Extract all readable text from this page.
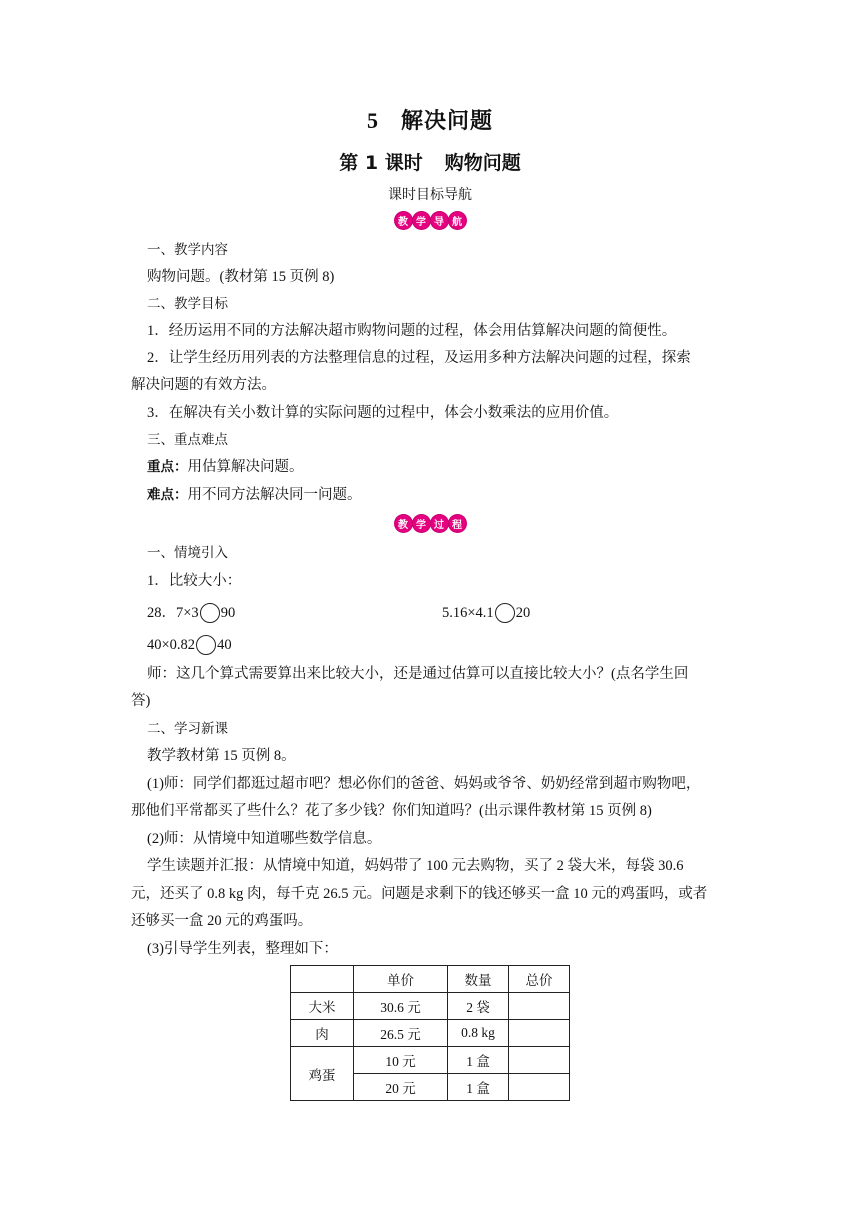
5 解决问题
第 1 课时 购物问题
课时目标导航
教 学 导 航
一、教学内容
购物问题。(教材第 15 页例 8)
二、教学目标
1．经历运用不同的方法解决超市购物问题的过程，体会用估算解决问题的简便性。
2．让学生经历用列表的方法整理信息的过程，及运用多种方法解决问题的过程，探索
解决问题的有效方法。
3．在解决有关小数计算的实际问题的过程中，体会小数乘法的应用价值。
三、重点难点
重点：用估算解决问题。
难点：用不同方法解决同一问题。
教 学 过 程
一、情境引入
1．比较大小：
28．7×3 90	5.16×4.1 20
40×0.82 40
师：这几个算式需要算出来比较大小，还是通过估算可以直接比较大小？(点名学生回
答)
二、学习新课
教学教材第 15 页例 8。
(1)师：同学们都逛过超市吧？想必你们的爸爸、妈妈或爷爷、奶奶经常到超市购物吧，
那他们平常都买了些什么？花了多少钱？你们知道吗？(出示课件教材第 15 页例 8)
(2)师：从情境中知道哪些数学信息。
学生读题并汇报：从情境中知道，妈妈带了 100 元去购物，买了 2 袋大米，每袋 30.6
元，还买了 0.8 kg 肉，每千克 26.5 元。问题是求剩下的钱还够买一盒 10 元的鸡蛋吗，或者
还够买一盒 20 元的鸡蛋吗。
(3)引导学生列表，整理如下：
	单价	数量	总价
大米	30.6 元	2 袋	
肉	26.5 元	0.8 kg	
鸡蛋	10 元	1 盒	
	20 元	1 盒	
